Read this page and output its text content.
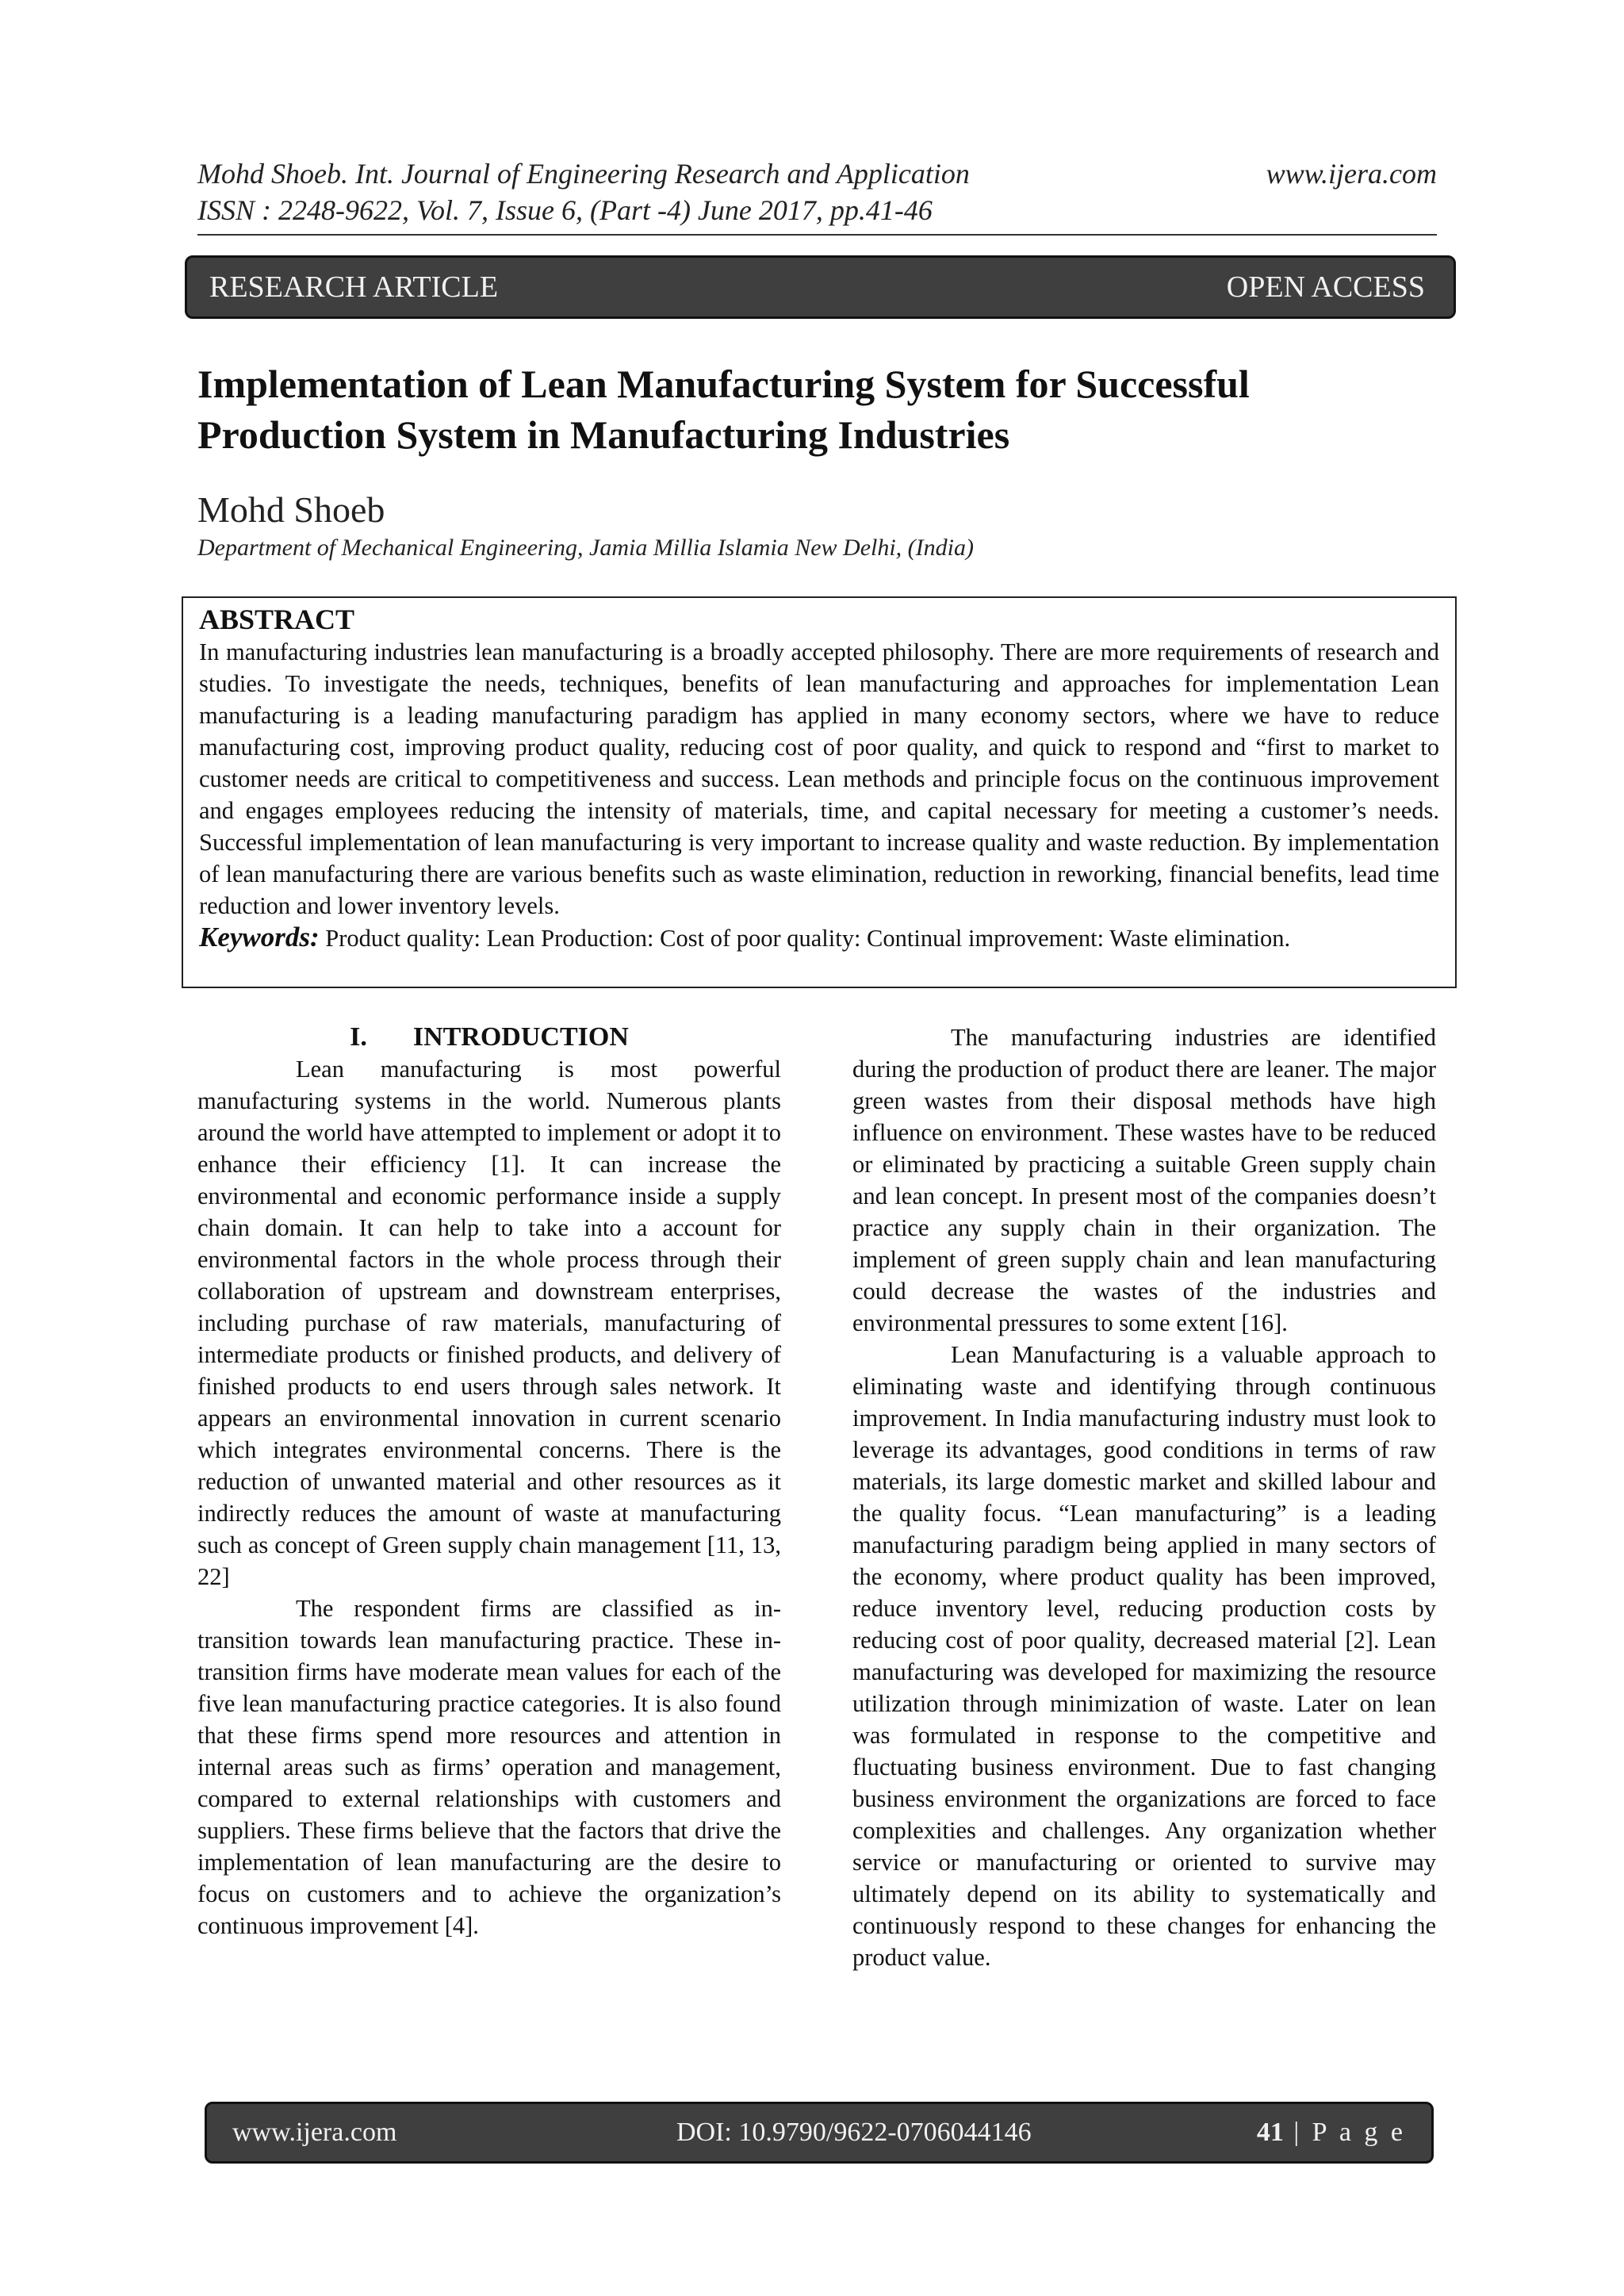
Mohd Shoeb. Int. Journal of Engineering Research and Application	www.ijera.com
ISSN : 2248-9622, Vol. 7, Issue 6, (Part -4) June 2017, pp.41-46
RESEARCH ARTICLE	OPEN ACCESS
Implementation of Lean Manufacturing System for Successful Production System in Manufacturing Industries
Mohd Shoeb
Department of Mechanical Engineering, Jamia Millia Islamia New Delhi, (India)
ABSTRACT

In manufacturing industries lean manufacturing is a broadly accepted philosophy. There are more requirements of research and studies. To investigate the needs, techniques, benefits of lean manufacturing and approaches for implementation Lean manufacturing is a leading manufacturing paradigm has applied in many economy sectors, where we have to reduce manufacturing cost, improving product quality, reducing cost of poor quality, and quick to respond and “first to market to customer needs are critical to competitiveness and success. Lean methods and principle focus on the continuous improvement and engages employees reducing the intensity of materials, time, and capital necessary for meeting a customer’s needs. Successful implementation of lean manufacturing is very important to increase quality and waste reduction. By implementation of lean manufacturing there are various benefits such as waste elimination, reduction in reworking, financial benefits, lead time reduction and lower inventory levels.

Keywords: Product quality: Lean Production: Cost of poor quality: Continual improvement: Waste elimination.

I. INTRODUCTION

Lean manufacturing is most powerful manufacturing systems in the world. Numerous plants around the world have attempted to implement or adopt it to enhance their efficiency [1]. It can increase the environmental and economic performance inside a supply chain domain. It can help to take into a account for environmental factors in the whole process through their collaboration of upstream and downstream enterprises, including purchase of raw materials, manufacturing of intermediate products or finished products, and delivery of finished products to end users through sales network. It appears an environmental innovation in current scenario which integrates environmental concerns. There is the reduction of unwanted material and other resources as it indirectly reduces the amount of waste at manufacturing such as concept of Green supply chain management [11, 13, 22]

The respondent firms are classified as in-transition towards lean manufacturing practice. These in-transition firms have moderate mean values for each of the five lean manufacturing practice categories. It is also found that these firms spend more resources and attention in internal areas such as firms’ operation and management, compared to external relationships with customers and suppliers. These firms believe that the factors that drive the implementation of lean manufacturing are the desire to focus on customers and to achieve the organization’s continuous improvement [4].

The manufacturing industries are identified during the production of product there are leaner. The major green wastes from their disposal methods have high influence on environment. These wastes have to be reduced or eliminated by practicing a suitable Green supply chain and lean concept. In present most of the companies doesn’t practice any supply chain in their organization. The implement of green supply chain and lean manufacturing could decrease the wastes of the industries and environmental pressures to some extent [16].

Lean Manufacturing is a valuable approach to eliminating waste and identifying through continuous improvement. In India manufacturing industry must look to leverage its advantages, good conditions in terms of raw materials, its large domestic market and skilled labour and the quality focus. “Lean manufacturing” is a leading manufacturing paradigm being applied in many sectors of the economy, where product quality has been improved, reduce inventory level, reducing production costs by reducing cost of poor quality, decreased material [2]. Lean manufacturing was developed for maximizing the resource utilization through minimization of waste. Later on lean was formulated in response to the competitive and fluctuating business environment. Due to fast changing business environment the organizations are forced to face complexities and challenges. Any organization whether service or manufacturing or oriented to survive may ultimately depend on its ability to systematically and continuously respond to these changes for enhancing the product value.

www.ijera.com	DOI: 10.9790/9622-0706044146	41 | P a g e
